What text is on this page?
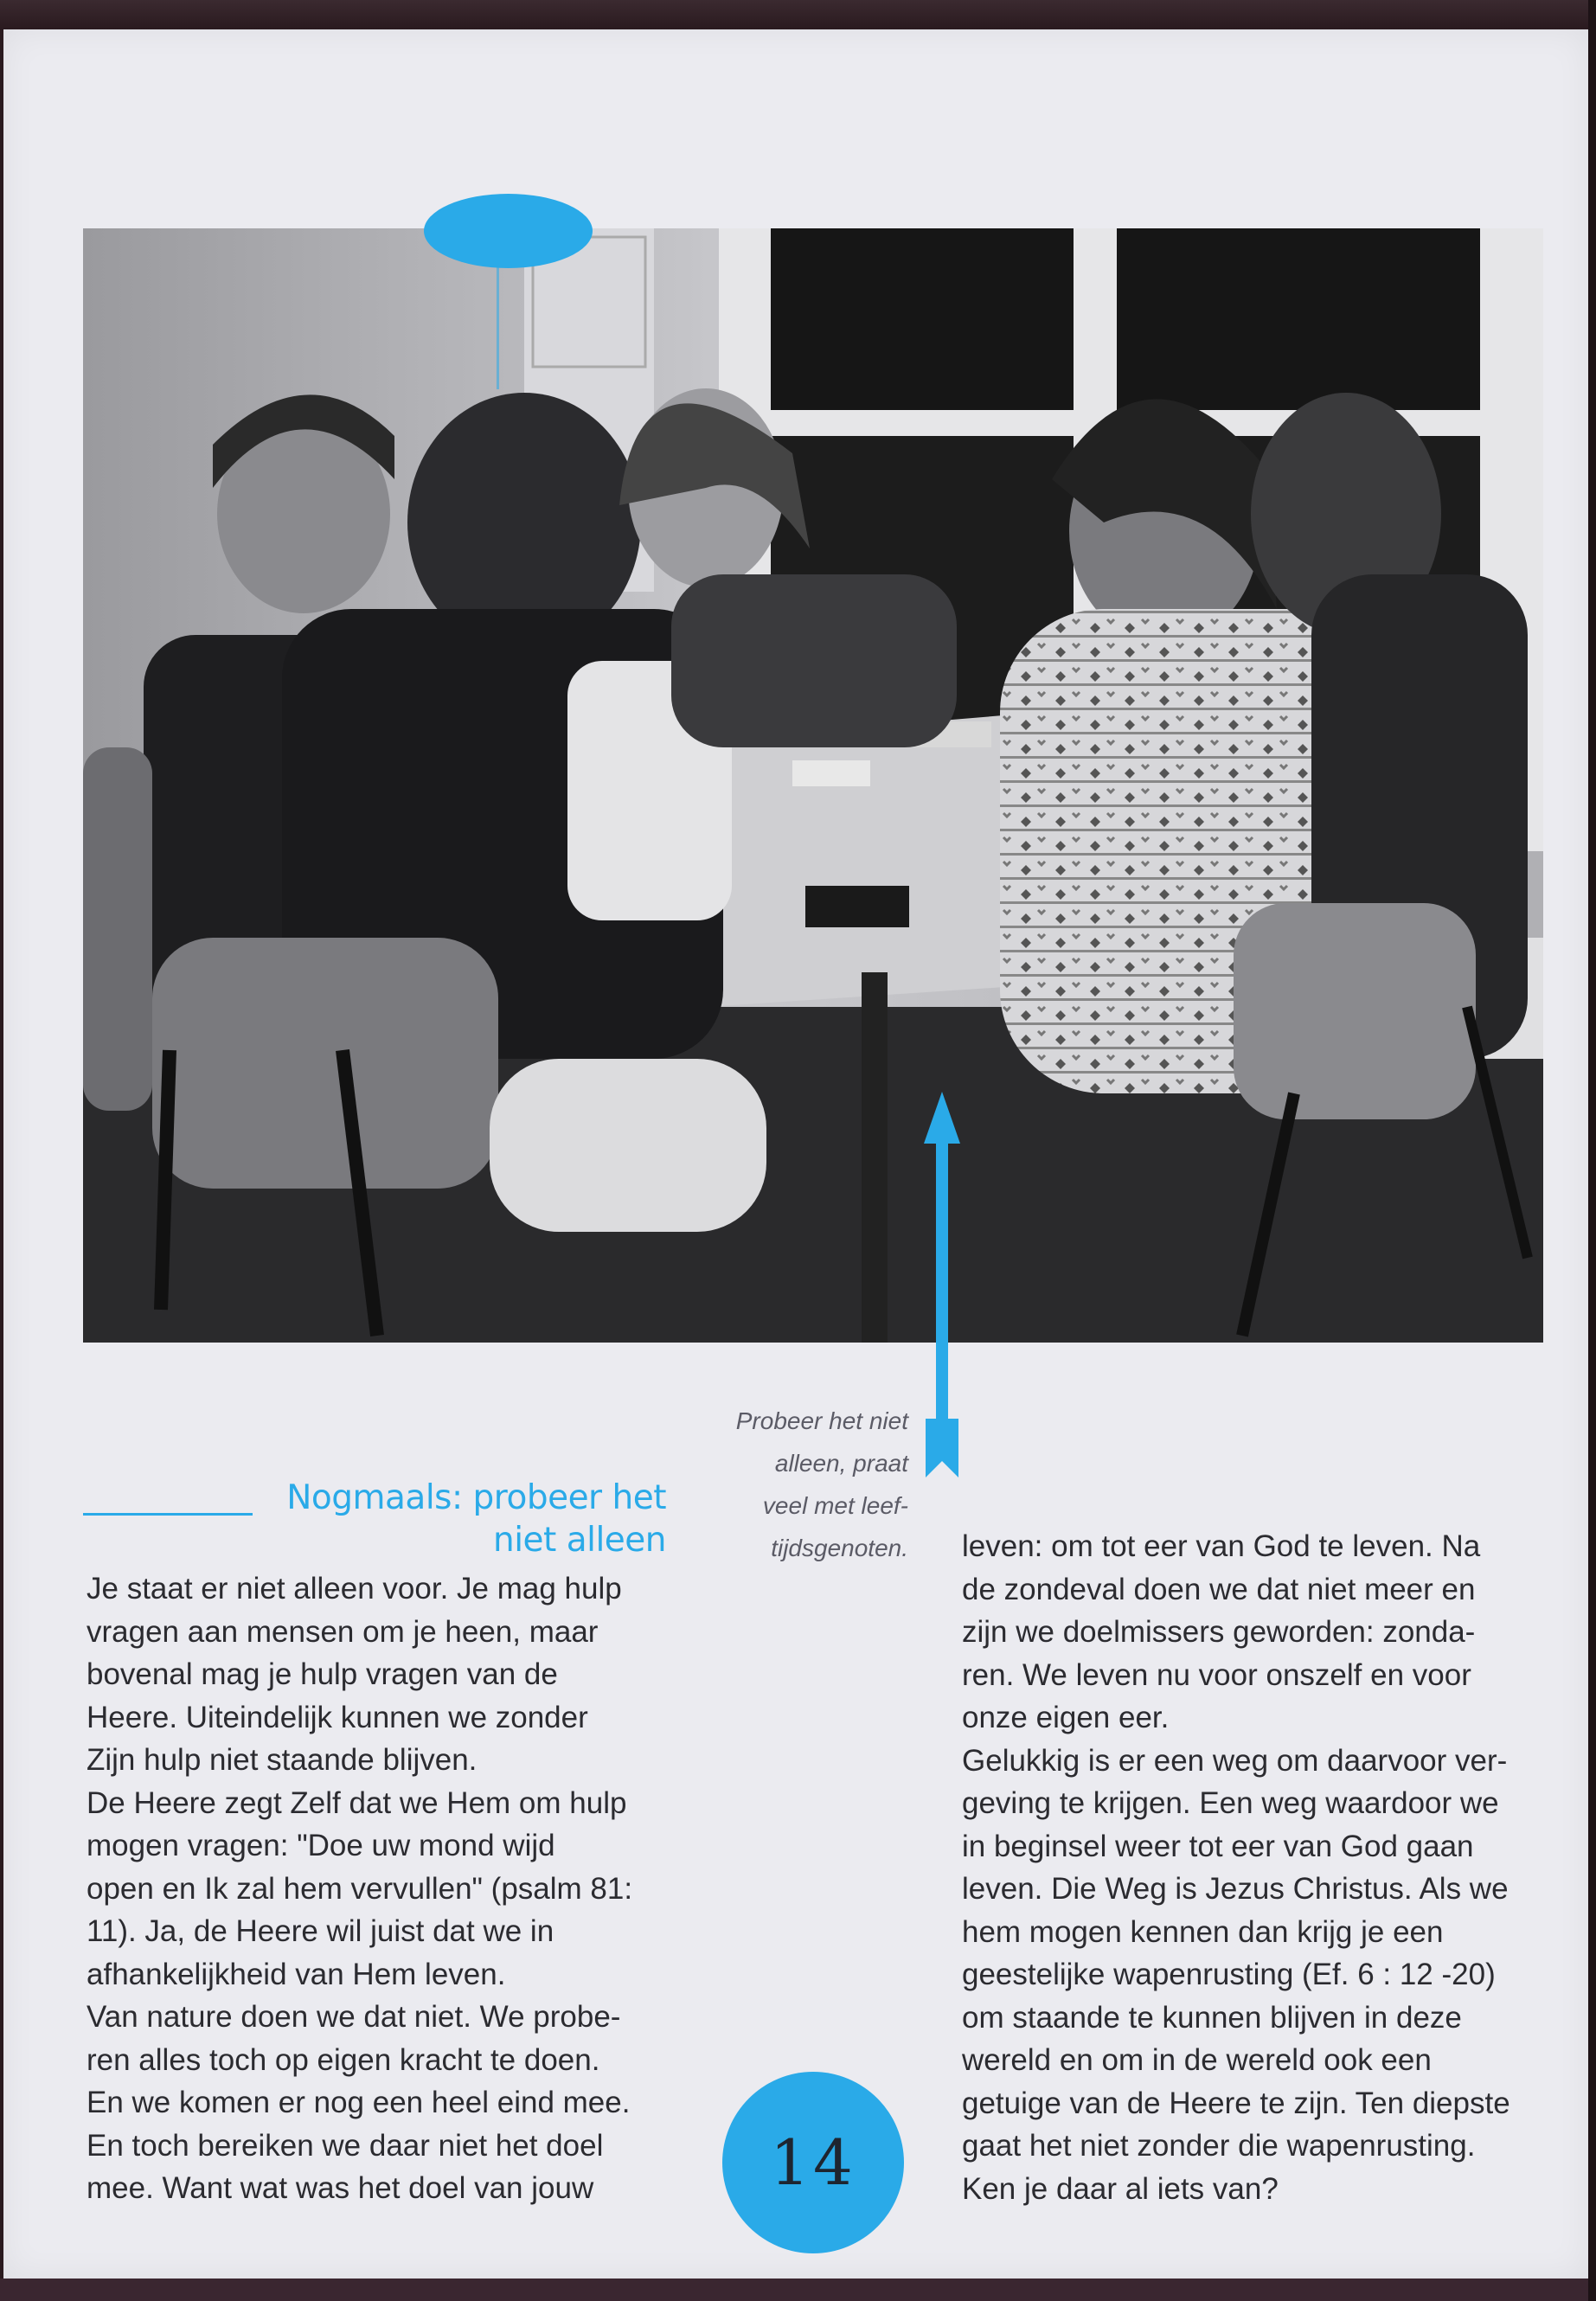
Probeer het niet

alleen, praat

veel met leef-

tijdsgenoten.

Nogmaals: probeer het
niet alleen

Je staat er niet alleen voor. Je mag hulp

vragen aan mensen om je heen, maar

bovenal mag je hulp vragen van de

Heere. Uiteindelijk kunnen we zonder

Zijn hulp niet staande blijven.

De Heere zegt Zelf dat we Hem om hulp

mogen vragen: "Doe uw mond wijd

open en Ik zal hem vervullen" (psalm 81:

11). Ja, de Heere wil juist dat we in

afhankelijkheid van Hem leven.

Van nature doen we dat niet. We probe-

ren alles toch op eigen kracht te doen.

En we komen er nog een heel eind mee.

En toch bereiken we daar niet het doel

mee. Want wat was het doel van jouw

leven: om tot eer van God te leven. Na

de zondeval doen we dat niet meer en

zijn we doelmissers geworden: zonda-

ren. We leven nu voor onszelf en voor

onze eigen eer.

Gelukkig is er een weg om daarvoor ver-

geving te krijgen. Een weg waardoor we

in beginsel weer tot eer van God gaan

leven. Die Weg is Jezus Christus. Als we

hem mogen kennen dan krijg je een

geestelijke wapenrusting (Ef. 6 : 12 -20)

om staande te kunnen blijven in deze

wereld en om in de wereld ook een

getuige van de Heere te zijn. Ten diepste

gaat het niet zonder die wapenrusting.

Ken je daar al iets van?

14
